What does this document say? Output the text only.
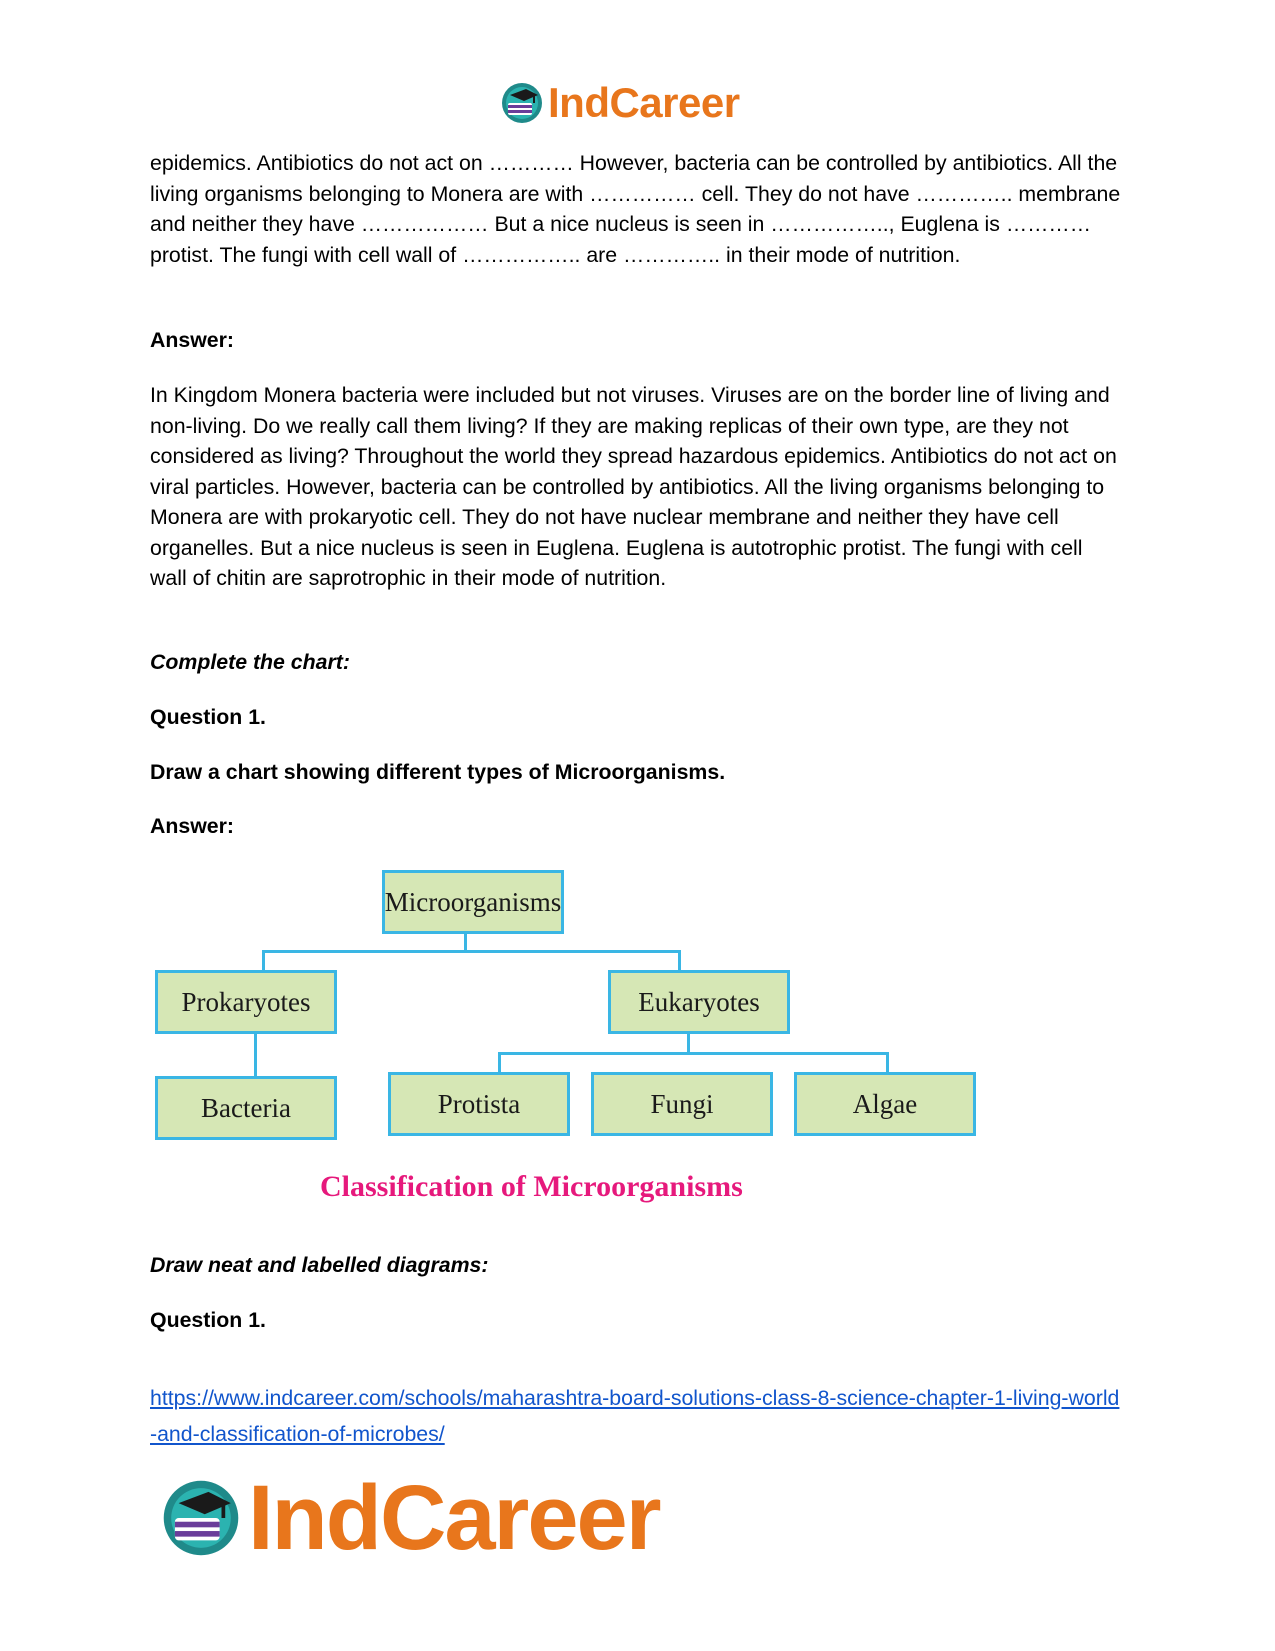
IndCareer

epidemics. Antibiotics do not act on ………… However, bacteria can be controlled by antibiotics. All the living organisms belonging to Monera are with …………… cell. They do not have ………….. membrane and neither they have ……………… But a nice nucleus is seen in …………….., Euglena is ………… protist. The fungi with cell wall of …………….. are ………….. in their mode of nutrition.

Answer:

In Kingdom Monera bacteria were included but not viruses. Viruses are on the border line of living and non-living. Do we really call them living? If they are making replicas of their own type, are they not considered as living? Throughout the world they spread hazardous epidemics. Antibiotics do not act on viral particles. However, bacteria can be controlled by antibiotics. All the living organisms belonging to Monera are with prokaryotic cell. They do not have nuclear membrane and neither they have cell organelles. But a nice nucleus is seen in Euglena. Euglena is autotrophic protist. The fungi with cell wall of chitin are saprotrophic in their mode of nutrition.

Complete the chart:
Question 1.
Draw a chart showing different types of Microorganisms.
Answer:
Microorganisms
Prokaryotes	Eukaryotes
Bacteria	Protista	Fungi	Algae
Classification of Microorganisms
Draw neat and labelled diagrams:
Question 1.
https://www.indcareer.com/schools/maharashtra-board-solutions-class-8-science-chapter-1-living-world-and-classification-of-microbes/
IndCareer
